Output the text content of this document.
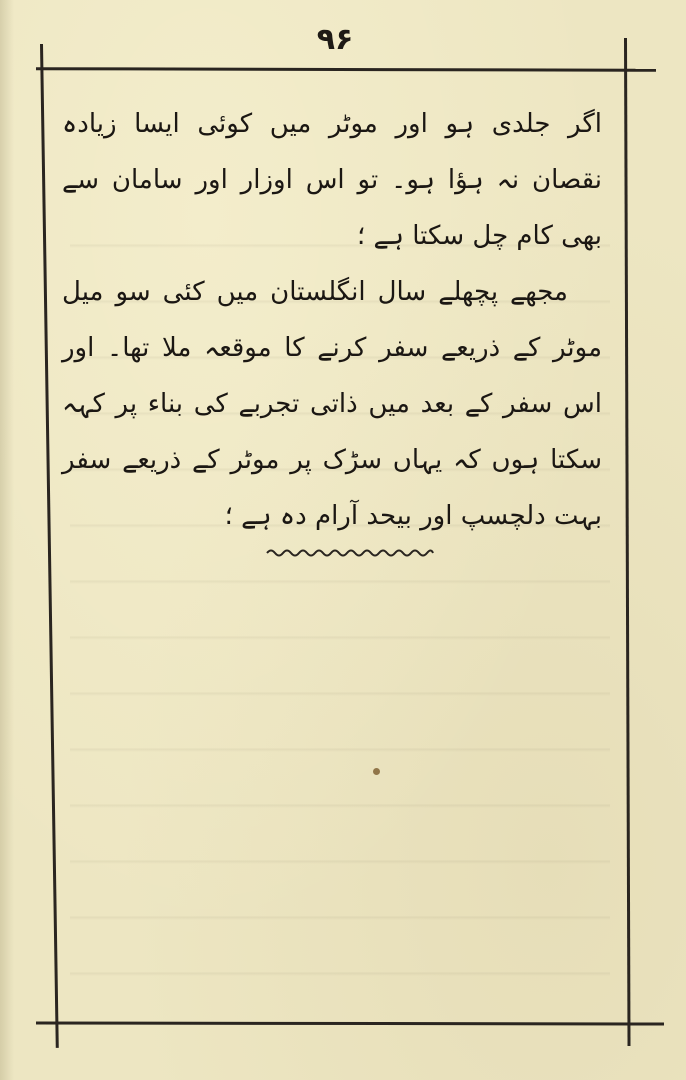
۹۶

اگر جلدی ہو اور موٹر میں کوئی ایسا زیادہ نقصان نہ ہؤا ہو۔ تو اس اوزار اور سامان سے بھی کام چل سکتا ہے ؛

مجھے پچھلے سال انگلستان میں کئی سو میل موٹر کے ذریعے سفر کرنے کا موقعہ ملا تھا۔ اور اس سفر کے بعد میں ذاتی تجربے کی بناء پر کہہ سکتا ہوں کہ یہاں سڑک پر موٹر کے ذریعے سفر بہت دلچسپ اور بیحد آرام دہ ہے ؛
